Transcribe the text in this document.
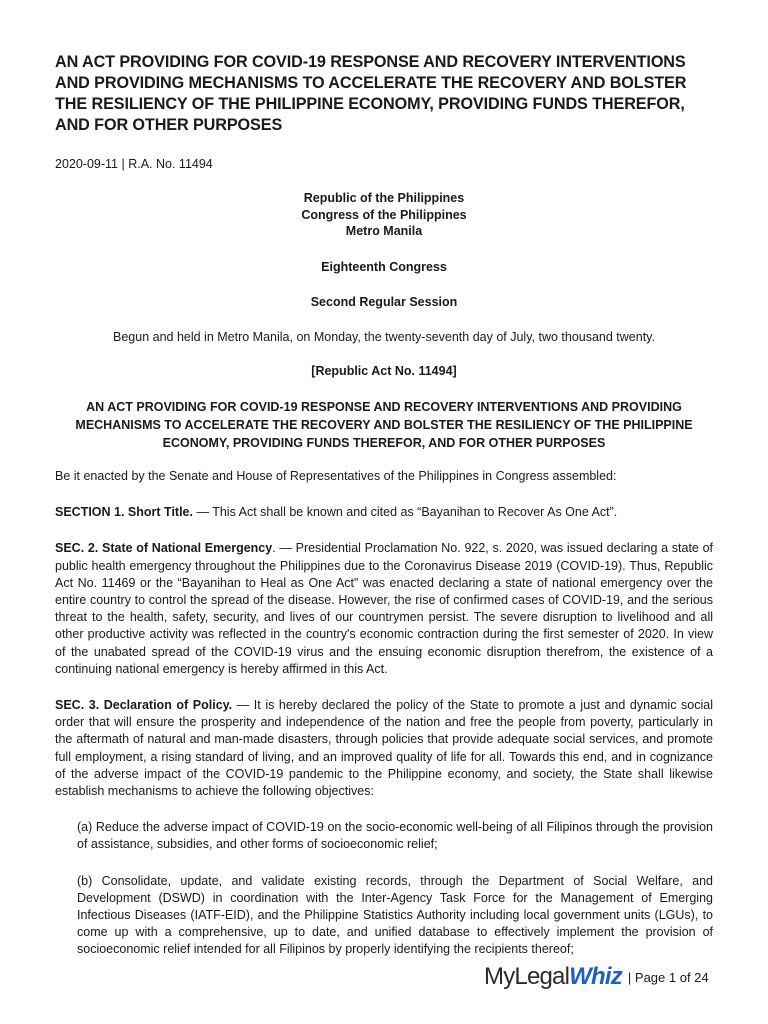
AN ACT PROVIDING FOR COVID-19 RESPONSE AND RECOVERY INTERVENTIONS AND PROVIDING MECHANISMS TO ACCELERATE THE RECOVERY AND BOLSTER THE RESILIENCY OF THE PHILIPPINE ECONOMY, PROVIDING FUNDS THEREFOR, AND FOR OTHER PURPOSES
2020-09-11 | R.A. No. 11494
Republic of the Philippines
Congress of the Philippines
Metro Manila
Eighteenth Congress
Second Regular Session
Begun and held in Metro Manila, on Monday, the twenty-seventh day of July, two thousand twenty.
[Republic Act No. 11494]
AN ACT PROVIDING FOR COVID-19 RESPONSE AND RECOVERY INTERVENTIONS AND PROVIDING MECHANISMS TO ACCELERATE THE RECOVERY AND BOLSTER THE RESILIENCY OF THE PHILIPPINE ECONOMY, PROVIDING FUNDS THEREFOR, AND FOR OTHER PURPOSES

Be it enacted by the Senate and House of Representatives of the Philippines in Congress assembled:

SECTION 1. Short Title. — This Act shall be known and cited as “Bayanihan to Recover As One Act”.

SEC. 2. State of National Emergency. — Presidential Proclamation No. 922, s. 2020, was issued declaring a state of public health emergency throughout the Philippines due to the Coronavirus Disease 2019 (COVID-19). Thus, Republic Act No. 11469 or the “Bayanihan to Heal as One Act” was enacted declaring a state of national emergency over the entire country to control the spread of the disease. However, the rise of confirmed cases of COVID-19, and the serious threat to the health, safety, security, and lives of our countrymen persist. The severe disruption to livelihood and all other productive activity was reflected in the country's economic contraction during the first semester of 2020. In view of the unabated spread of the COVID-19 virus and the ensuing economic disruption therefrom, the existence of a continuing national emergency is hereby affirmed in this Act.

SEC. 3. Declaration of Policy. — It is hereby declared the policy of the State to promote a just and dynamic social order that will ensure the prosperity and independence of the nation and free the people from poverty, particularly in the aftermath of natural and man-made disasters, through policies that provide adequate social services, and promote full employment, a rising standard of living, and an improved quality of life for all. Towards this end, and in cognizance of the adverse impact of the COVID-19 pandemic to the Philippine economy, and society, the State shall likewise establish mechanisms to achieve the following objectives:

(a) Reduce the adverse impact of COVID-19 on the socio-economic well-being of all Filipinos through the provision of assistance, subsidies, and other forms of socioeconomic relief;

(b) Consolidate, update, and validate existing records, through the Department of Social Welfare, and Development (DSWD) in coordination with the Inter-Agency Task Force for the Management of Emerging Infectious Diseases (IATF-EID), and the Philippine Statistics Authority including local government units (LGUs), to come up with a comprehensive, up to date, and unified database to effectively implement the provision of socioeconomic relief intended for all Filipinos by properly identifying the recipients thereof;

MyLegalWhiz | Page 1 of 24
